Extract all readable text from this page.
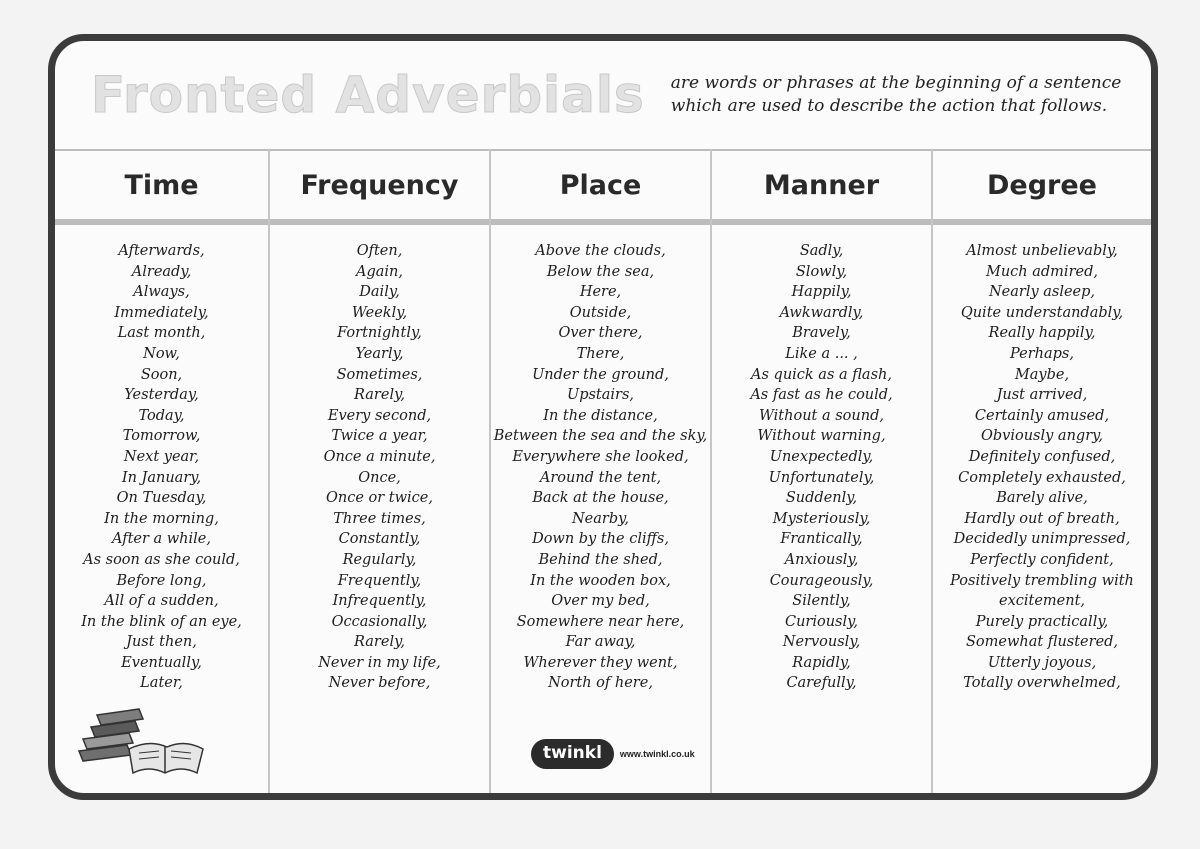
Fronted Adverbials are words or phrases at the beginning of a sentence
which are used to describe the action that follows.
Time
Afterwards,
Already,
Always,
Immediately,
Last month,
Now,
Soon,
Yesterday,
Today,
Tomorrow,
Next year,
In January,
On Tuesday,
In the morning,
After a while,
As soon as she could,
Before long,
All of a sudden,
In the blink of an eye,
Just then,
Eventually,
Later,
Frequency
Often,
Again,
Daily,
Weekly,
Fortnightly,
Yearly,
Sometimes,
Rarely,
Every second,
Twice a year,
Once a minute,
Once,
Once or twice,
Three times,
Constantly,
Regularly,
Frequently,
Infrequently,
Occasionally,
Rarely,
Never in my life,
Never before,
Place
Above the clouds,
Below the sea,
Here,
Outside,
Over there,
There,
Under the ground,
Upstairs,
In the distance,
Between the sea and the sky,
Everywhere she looked,
Around the tent,
Back at the house,
Nearby,
Down by the cliffs,
Behind the shed,
In the wooden box,
Over my bed,
Somewhere near here,
Far away,
Wherever they went,
North of here,
Manner
Sadly,
Slowly,
Happily,
Awkwardly,
Bravely,
Like a ... ,
As quick as a flash,
As fast as he could,
Without a sound,
Without warning,
Unexpectedly,
Unfortunately,
Suddenly,
Mysteriously,
Frantically,
Anxiously,
Courageously,
Silently,
Curiously,
Nervously,
Rapidly,
Carefully,
Degree
Almost unbelievably,
Much admired,
Nearly asleep,
Quite understandably,
Really happily,
Perhaps,
Maybe,
Just arrived,
Certainly amused,
Obviously angry,
Definitely confused,
Completely exhausted,
Barely alive,
Hardly out of breath,
Decidedly unimpressed,
Perfectly confident,
Positively trembling with
excitement,
Purely practically,
Somewhat flustered,
Utterly joyous,
Totally overwhelmed,
twinkl	www.twinkl.co.uk
